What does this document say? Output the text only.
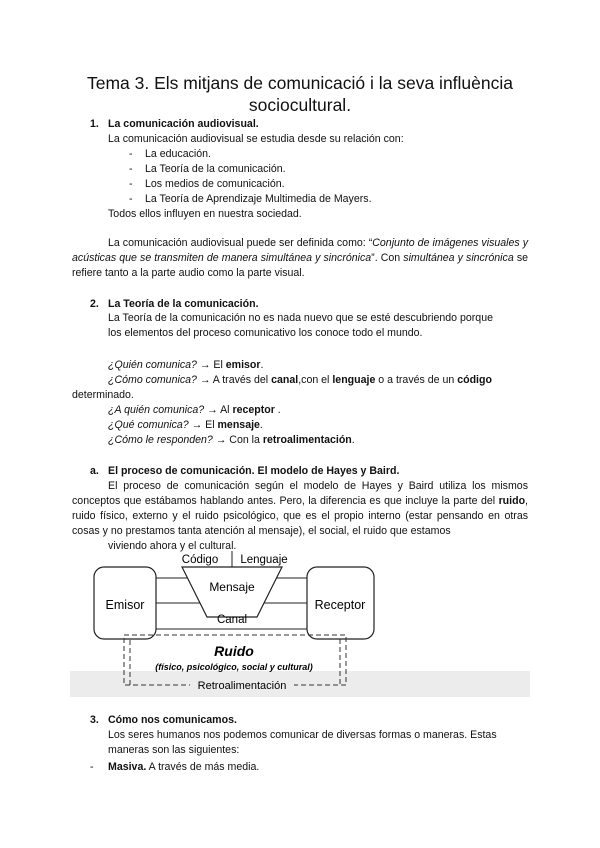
Tema 3. Els mitjans de comunicació i la seva influència
sociocultural.
1. La comunicación audiovisual.
La comunicación audiovisual se estudia desde su relación con:
- La educación.
- La Teoría de la comunicación.
- Los medios de comunicación.
- La Teoría de Aprendizaje Multimedia de Mayers.
Todos ellos influyen en nuestra sociedad.
La comunicación audiovisual puede ser definida como: “Conjunto de imágenes visuales y acústicas que se transmiten de manera simultánea y sincrónica”. Con simultánea y sincrónica se refiere tanto a la parte audio como la parte visual.
2. La Teoría de la comunicación.
La Teoría de la comunicación no es nada nuevo que se esté descubriendo porque
los elementos del proceso comunicativo los conoce todo el mundo.
¿Quién comunica? → El emisor.
¿Cómo comunica? → A través del canal,con el lenguaje o a través de un código
determinado.
¿A quién comunica? → Al receptor .
¿Qué comunica? → El mensaje.
¿Cómo le responden? → Con la retroalimentación.
a. El proceso de comunicación. El modelo de Hayes y Baird.
El proceso de comunicación según el modelo de Hayes y Baird utiliza los mismos conceptos que estábamos hablando antes. Pero, la diferencia es que incluye la parte del ruido, ruido físico, externo y el ruido psicológico, que es el propio interno (estar pensando en otras cosas y no prestamos tanta atención al mensaje), el social, el ruido que estamos
viviendo ahora y el cultural.
Emisor	Receptor
Código Lenguaje
Mensaje
Canal
Ruido
(físico, psicológico, social y cultural)
Retroalimentación
3. Cómo nos comunicamos.
Los seres humanos nos podemos comunicar de diversas formas o maneras. Estas
maneras son las siguientes:
- Masiva. A través de más media.
